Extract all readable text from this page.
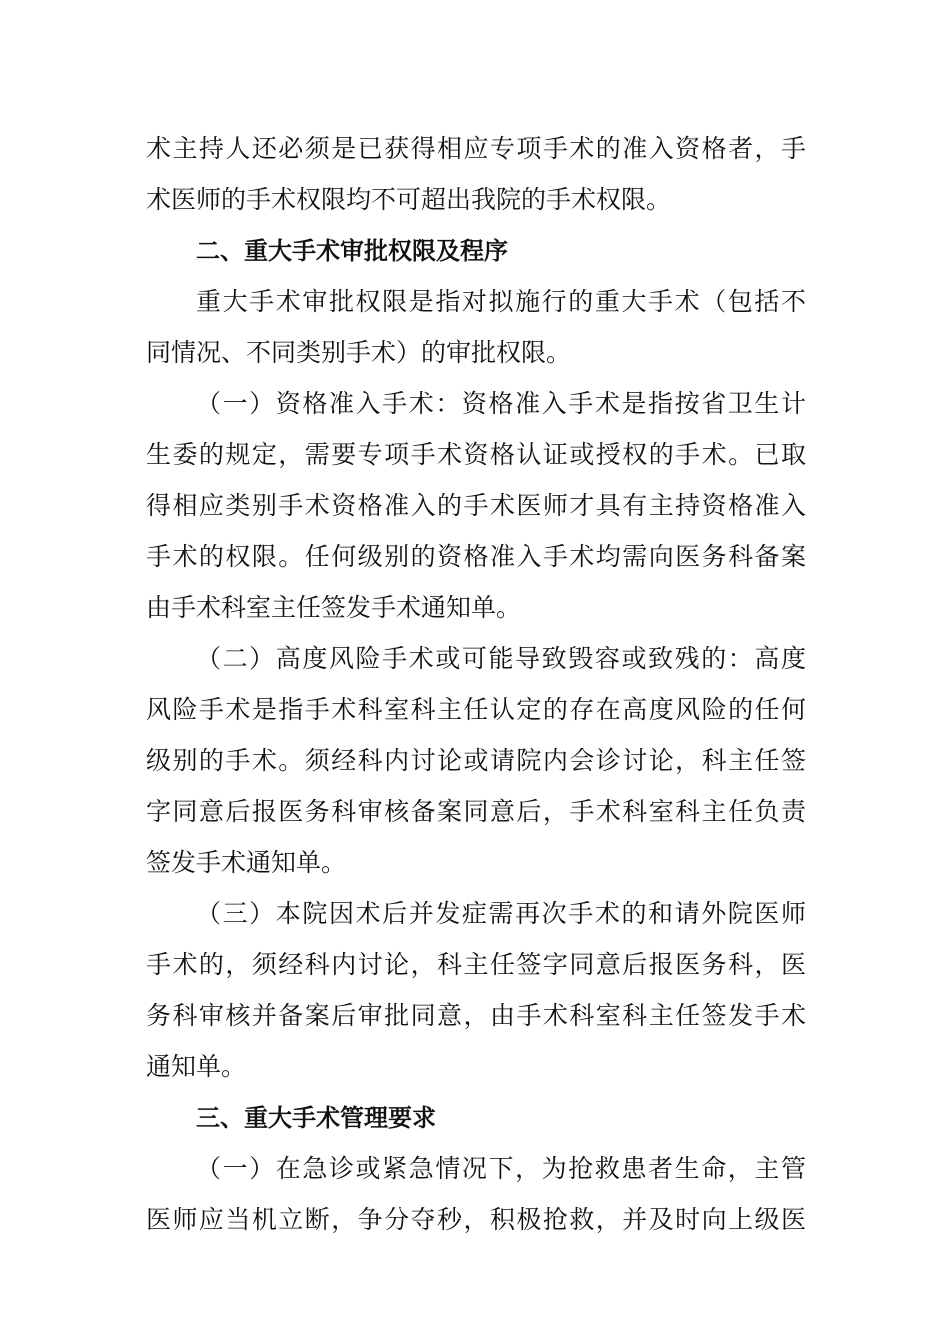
术主持人还必须是已获得相应专项手术的准入资格者，手
术医师的手术权限均不可超出我院的手术权限。
二、重大手术审批权限及程序
重大手术审批权限是指对拟施行的重大手术（包括不
同情况、不同类别手术）的审批权限。
（一）资格准入手术：资格准入手术是指按省卫生计
生委的规定，需要专项手术资格认证或授权的手术。已取
得相应类别手术资格准入的手术医师才具有主持资格准入
手术的权限。任何级别的资格准入手术均需向医务科备案
由手术科室主任签发手术通知单。
（二）高度风险手术或可能导致毁容或致残的：高度
风险手术是指手术科室科主任认定的存在高度风险的任何
级别的手术。须经科内讨论或请院内会诊讨论，科主任签
字同意后报医务科审核备案同意后，手术科室科主任负责
签发手术通知单。
（三）本院因术后并发症需再次手术的和请外院医师
手术的，须经科内讨论，科主任签字同意后报医务科，医
务科审核并备案后审批同意，由手术科室科主任签发手术
通知单。
三、重大手术管理要求
（一）在急诊或紧急情况下，为抢救患者生命，主管
医师应当机立断，争分夺秒，积极抢救，并及时向上级医
